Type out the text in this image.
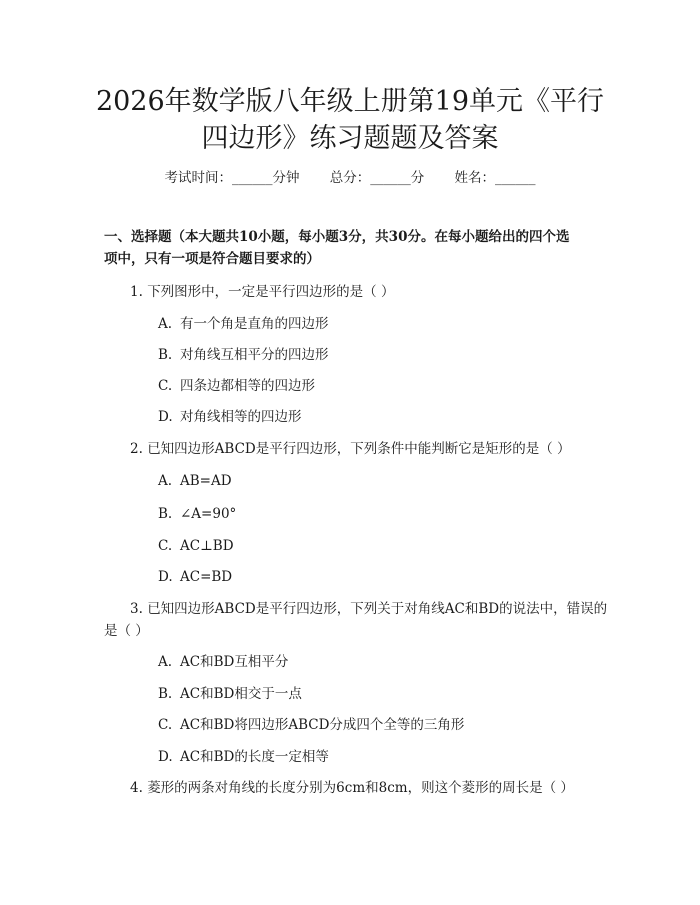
2026年数学版八年级上册第19单元《平行
四边形》练习题题及答案
考试时间：______分钟 总分：______分 姓名：______
一、选择题（本大题共10小题，每小题3分，共30分。在每小题给出的四个选
项中，只有一项是符合题目要求的）
1. 下列图形中，一定是平行四边形的是（ ）
A. 有一个角是直角的四边形
B. 对角线互相平分的四边形
C. 四条边都相等的四边形
D. 对角线相等的四边形
2. 已知四边形ABCD是平行四边形，下列条件中能判断它是矩形的是（ ）
A. AB=AD
B. ∠A=90°
C. AC⊥BD
D. AC=BD
3. 已知四边形ABCD是平行四边形，下列关于对角线AC和BD的说法中，错误的是（ ）
A. AC和BD互相平分
B. AC和BD相交于一点
C. AC和BD将四边形ABCD分成四个全等的三角形
D. AC和BD的长度一定相等
4. 菱形的两条对角线的长度分别为6cm和8cm，则这个菱形的周长是（ ）
